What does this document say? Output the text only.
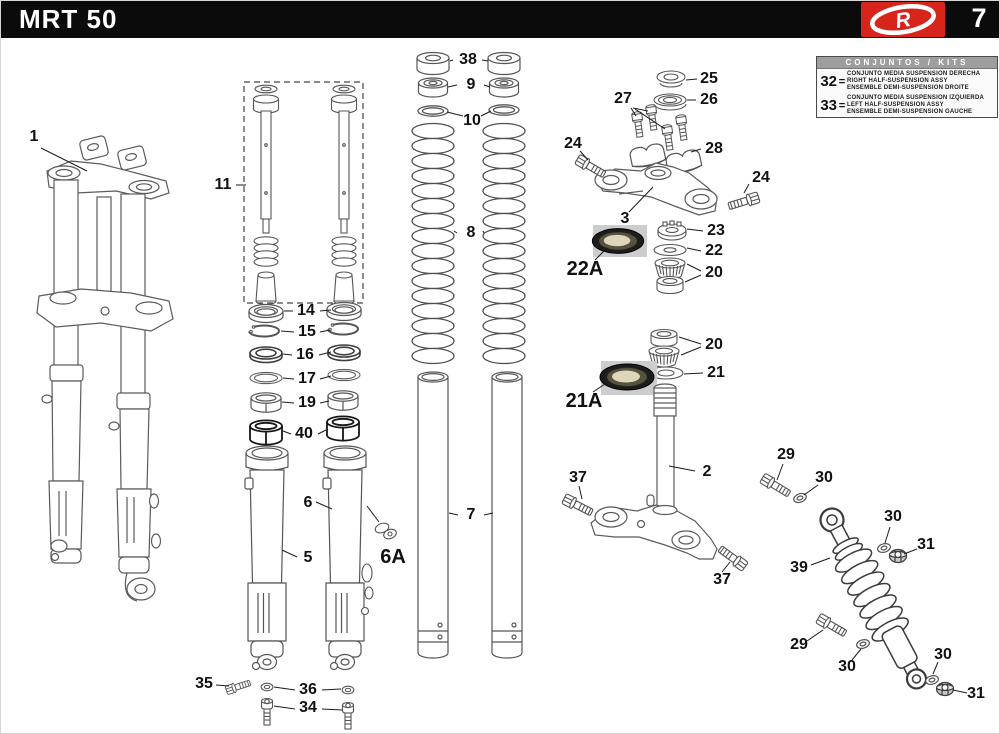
MRT 50	R	7
1
11
38
9
10
8
14
15
16
17
19
40
6
5	6A
7
25
26
27
28
24
24
3
23
22
22A	20
20
21
21A
2
37
37
29
30
30
31
39
29
30
30
31
35	36
34
CONJUNTOS / KITS
32 =
CONJUNTO MEDIA SUSPENSION DERECHA
RIGHT HALF-SUSPENSION ASSY
ENSEMBLE DEMI-SUSPENSION DROITE
33 =
CONJUNTO MEDIA SUSPENSION IZQUIERDA
LEFT HALF-SUSPENSION ASSY
ENSEMBLE DEMI-SUSPENSION GAUCHE
